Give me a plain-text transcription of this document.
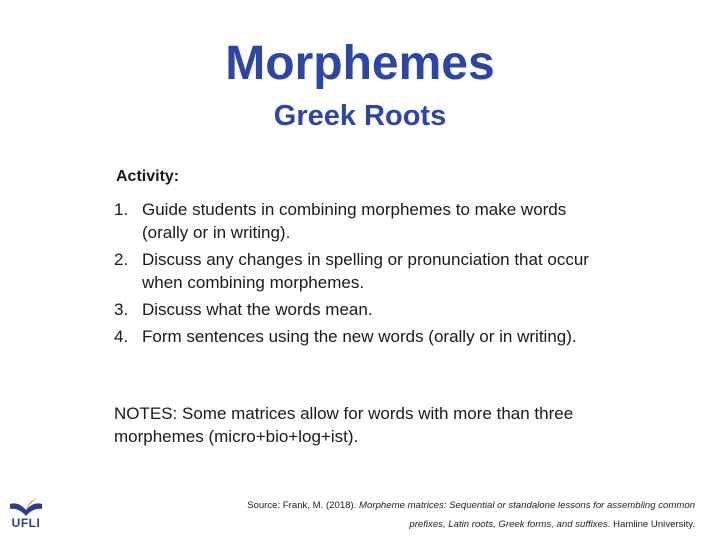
Morphemes
Greek Roots
Activity:
1. Guide students in combining morphemes to make words (orally or in writing).
2. Discuss any changes in spelling or pronunciation that occur when combining morphemes.
3. Discuss what the words mean.
4. Form sentences using the new words (orally or in writing).
NOTES: Some matrices allow for words with more than three morphemes (micro+bio+log+ist).
Source: Frank, M. (2018). Morpheme matrices: Sequential or standalone lessons for assembling common prefixes, Latin roots, Greek forms, and suffixes. Hamline University.
UFLI
